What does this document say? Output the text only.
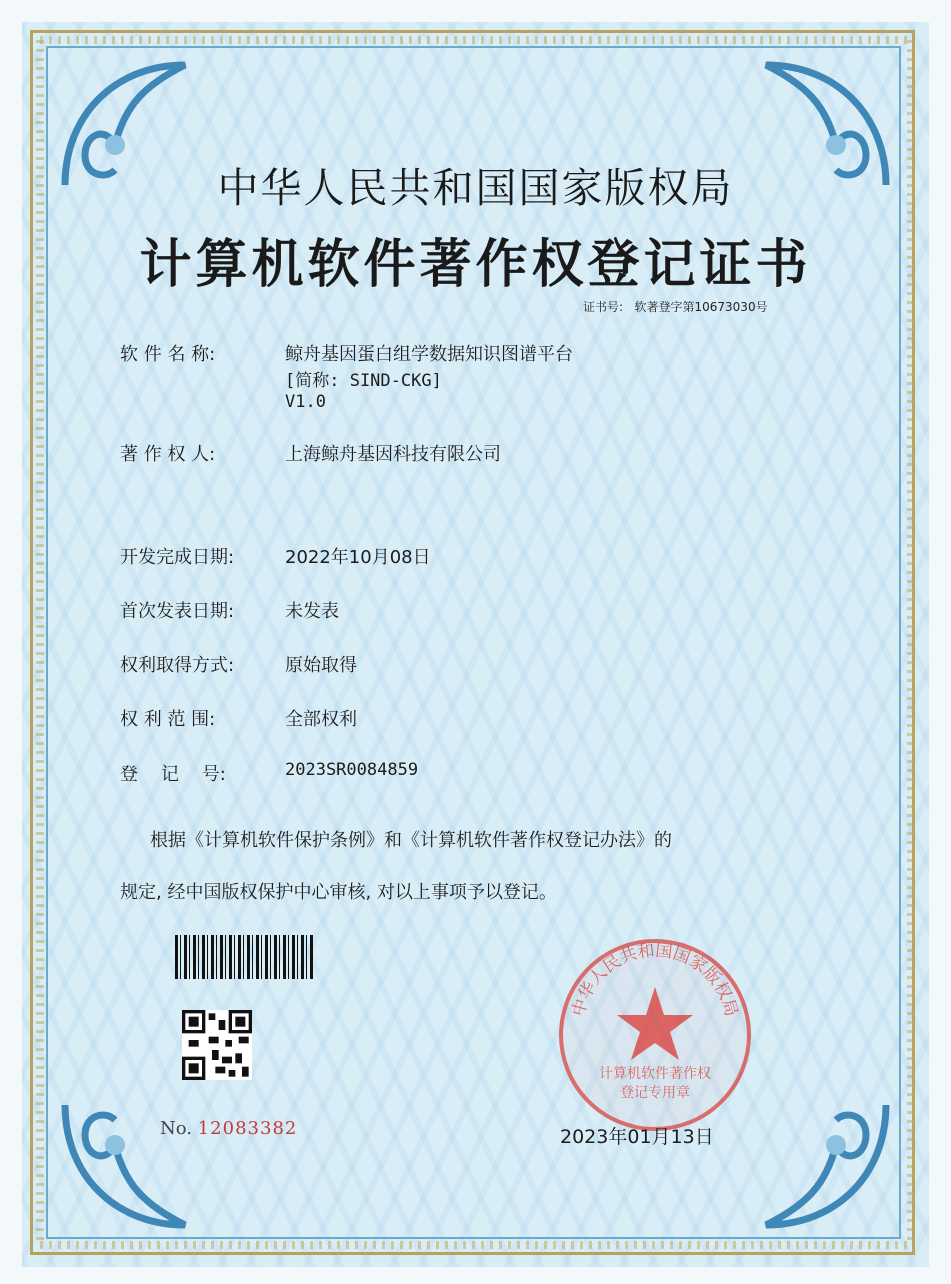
中华人民共和国国家版权局
计算机软件著作权登记证书
证书号: 软著登字第10673030号
软 件 名 称:	鲸舟基因蛋白组学数据知识图谱平台
[简称: SIND-CKG]
V1.0
著 作 权 人:	上海鲸舟基因科技有限公司
开发完成日期:	2022年10月08日
首次发表日期:	未发表
权利取得方式:	原始取得
权 利 范 围:	全部权利
登    记    号:	2023SR0084859
根据《计算机软件保护条例》和《计算机软件著作权登记办法》的
规定, 经中国版权保护中心审核, 对以上事项予以登记。
No. 12083382
中华人民共和国国家版权局
计算机软件著作权
登记专用章
2023年01月13日
